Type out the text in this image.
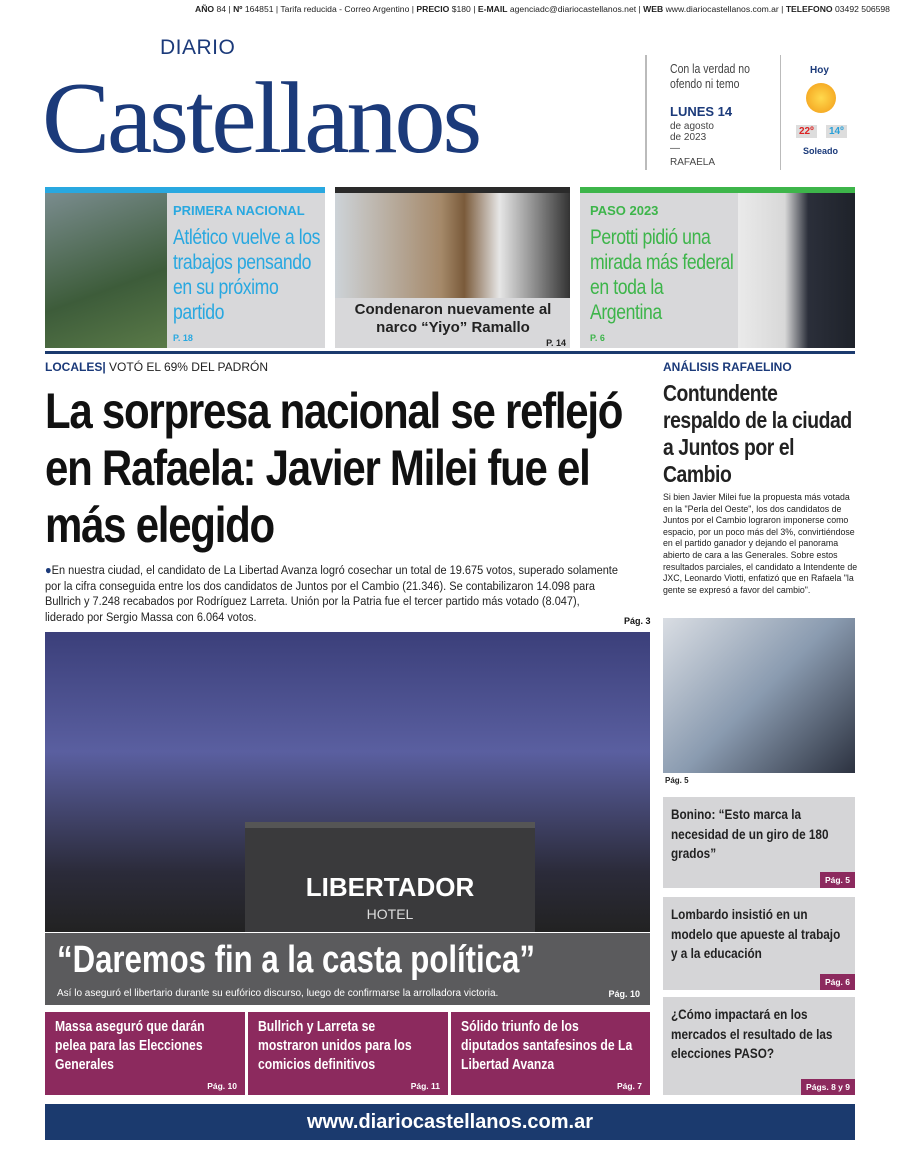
AÑO 84 | Nº 164851 | Tarifa reducida - Correo Argentino | PRECIO $180 | E-MAIL agenciadc@diariocastellanos.net | WEB www.diariocastellanos.com.ar | TELEFONO 03492 506598
DIARIO
Castellanos	Con la verdad no ofendo ni temo
LUNES 14
de agosto
de 2023
—
RAFAELA
Hoy
22º	14º
Soleado
PRIMERA NACIONAL
Atlético vuelve a los trabajos pensando en su próximo partido
P. 18
Condenaron nuevamente al narco “Yiyo” Ramallo
P. 14
PASO 2023
Perotti pidió una mirada más federal en toda la Argentina
P. 6
LOCALES| VOTÓ EL 69% DEL PADRÓN
La sorpresa nacional se reflejó en Rafaela: Javier Milei fue el más elegido
●En nuestra ciudad, el candidato de La Libertad Avanza logró cosechar un total de 19.675 votos, superado solamente por la cifra conseguida entre los dos candidatos de Juntos por el Cambio (21.346). Se contabilizaron 14.098 para Bullrich y 7.248 recabados por Rodríguez Larreta. Unión por la Patria fue el tercer partido más votado (8.047), liderado por Sergio Massa con 6.064 votos.	Pág. 3
LIBERTADOR
HOTEL
“Daremos fin a la casta política”
Así lo aseguró el libertario durante su eufórico discurso, luego de confirmarse la arrolladora victoria.	Pág. 10
Massa aseguró que darán pelea para las Elecciones Generales
Pág. 10
Bullrich y Larreta se mostraron unidos para los comicios definitivos
Pág. 11
Sólido triunfo de los diputados santafesinos de La Libertad Avanza
Pág. 7
ANÁLISIS RAFAELINO
Contundente respaldo de la ciudad a Juntos por el Cambio
Si bien Javier Milei fue la propuesta más votada en la "Perla del Oeste", los dos candidatos de Juntos por el Cambio lograron imponerse como espacio, por un poco más del 3%, convirtiéndose en el partido ganador y dejando el panorama abierto de cara a las Generales. Sobre estos resultados parciales, el candidato a Intendente de JXC, Leonardo Viotti, enfatizó que en Rafaela "la gente se expresó a favor del cambio".
Pág. 5
Bonino: “Esto marca la necesidad de un giro de 180 grados”
Pág. 5
Lombardo insistió en un modelo que apueste al trabajo y a la educación
Pág. 6
¿Cómo impactará en los mercados el resultado de las elecciones PASO?
Págs. 8 y 9
www.diariocastellanos.com.ar
